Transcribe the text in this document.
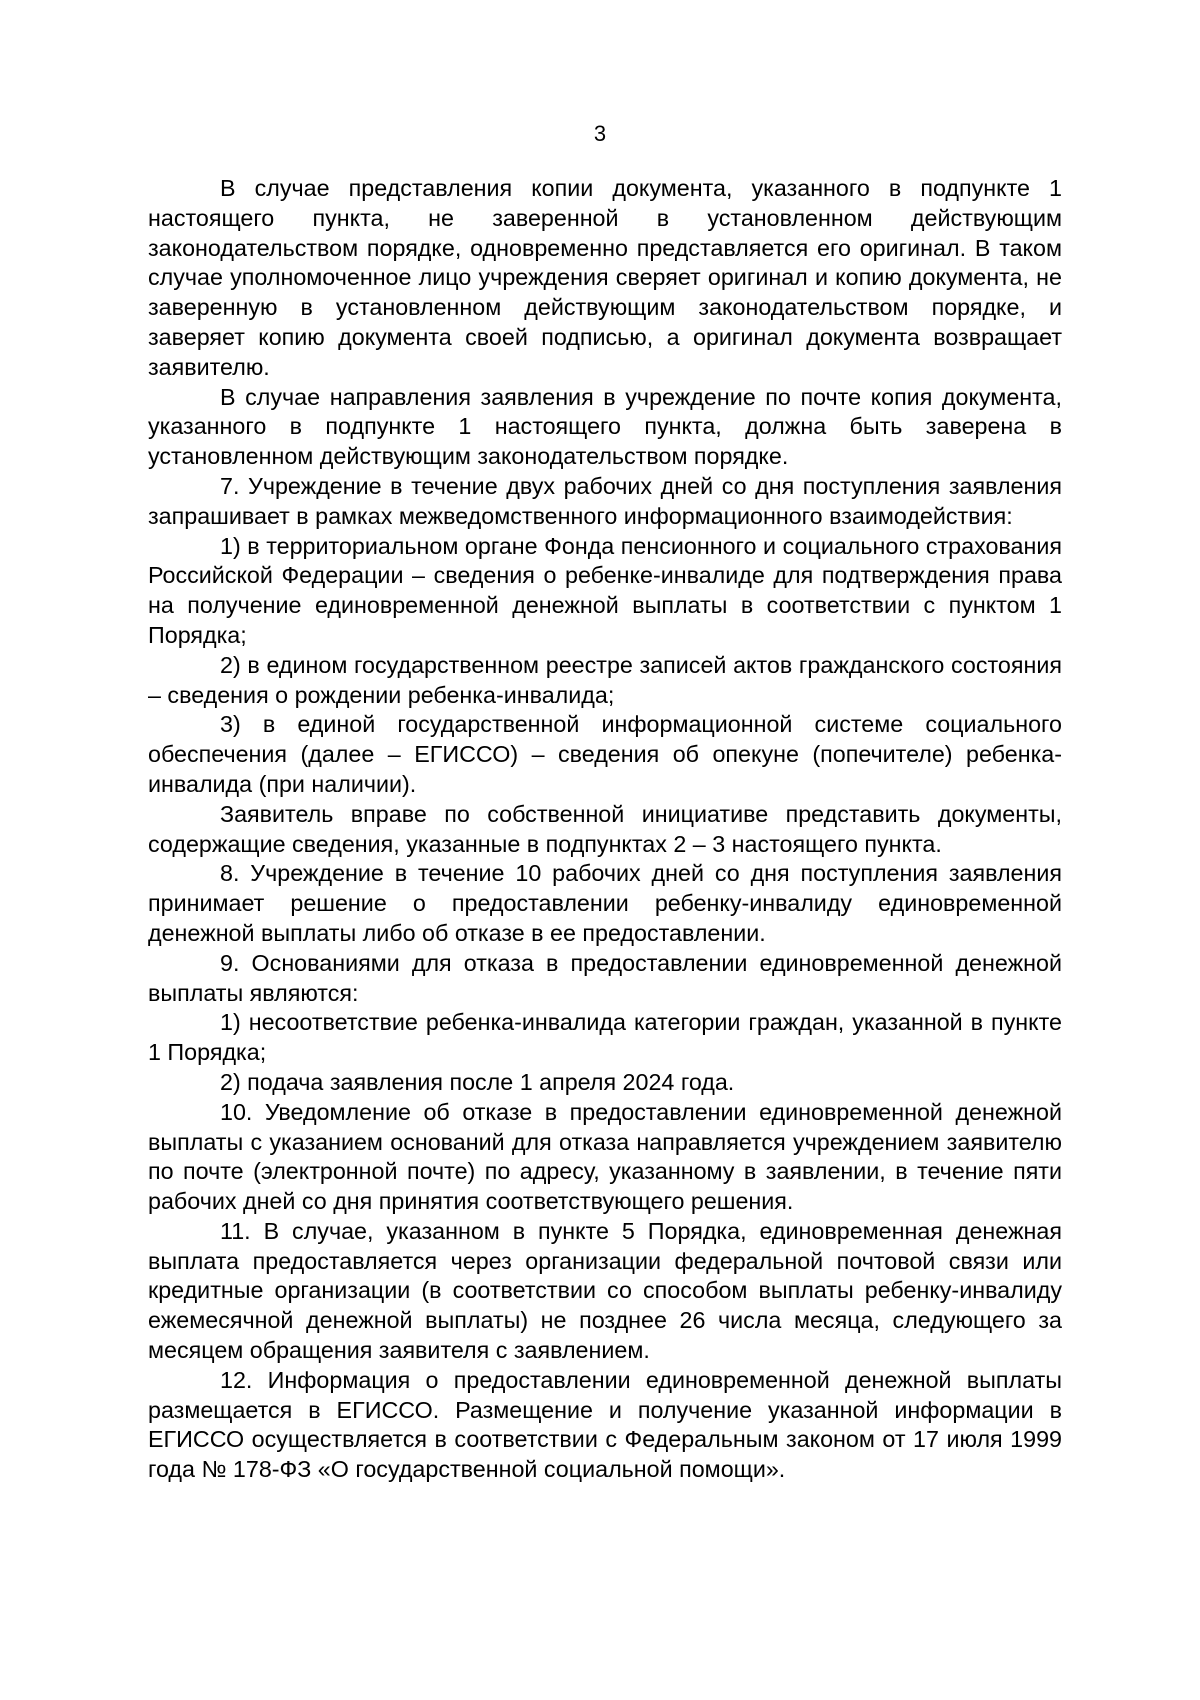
3

В случае представления копии документа, указанного в подпункте 1 настоящего пункта, не заверенной в установленном действующим законодательством порядке, одновременно представляется его оригинал. В таком случае уполномоченное лицо учреждения сверяет оригинал и копию документа, не заверенную в установленном действующим законодательством порядке, и заверяет копию документа своей подписью, а оригинал документа возвращает заявителю.

В случае направления заявления в учреждение по почте копия документа, указанного в подпункте 1 настоящего пункта, должна быть заверена в установленном действующим законодательством порядке.

7. Учреждение в течение двух рабочих дней со дня поступления заявления запрашивает в рамках межведомственного информационного взаимодействия:

1) в территориальном органе Фонда пенсионного и социального страхования Российской Федерации – сведения о ребенке-инвалиде для подтверждения права на получение единовременной денежной выплаты в соответствии с пунктом 1 Порядка;

2) в едином государственном реестре записей актов гражданского состояния – сведения о рождении ребенка-инвалида;

3) в единой государственной информационной системе социального обеспечения (далее – ЕГИССО) – сведения об опекуне (попечителе) ребенка-инвалида (при наличии).

Заявитель вправе по собственной инициативе представить документы, содержащие сведения, указанные в подпунктах 2 – 3 настоящего пункта.

8. Учреждение в течение 10 рабочих дней со дня поступления заявления принимает решение о предоставлении ребенку-инвалиду единовременной денежной выплаты либо об отказе в ее предоставлении.

9. Основаниями для отказа в предоставлении единовременной денежной выплаты являются:

1) несоответствие ребенка-инвалида категории граждан, указанной в пункте 1 Порядка;

2) подача заявления после 1 апреля 2024 года.

10. Уведомление об отказе в предоставлении единовременной денежной выплаты с указанием оснований для отказа направляется учреждением заявителю по почте (электронной почте) по адресу, указанному в заявлении, в течение пяти рабочих дней со дня принятия соответствующего решения.

11. В случае, указанном в пункте 5 Порядка, единовременная денежная выплата предоставляется через организации федеральной почтовой связи или кредитные организации (в соответствии со способом выплаты ребенку-инвалиду ежемесячной денежной выплаты) не позднее 26 числа месяца, следующего за месяцем обращения заявителя с заявлением.

12. Информация о предоставлении единовременной денежной выплаты размещается в ЕГИССО. Размещение и получение указанной информации в ЕГИССО осуществляется в соответствии с Федеральным законом от 17 июля 1999 года № 178-ФЗ «О государственной социальной помощи».
